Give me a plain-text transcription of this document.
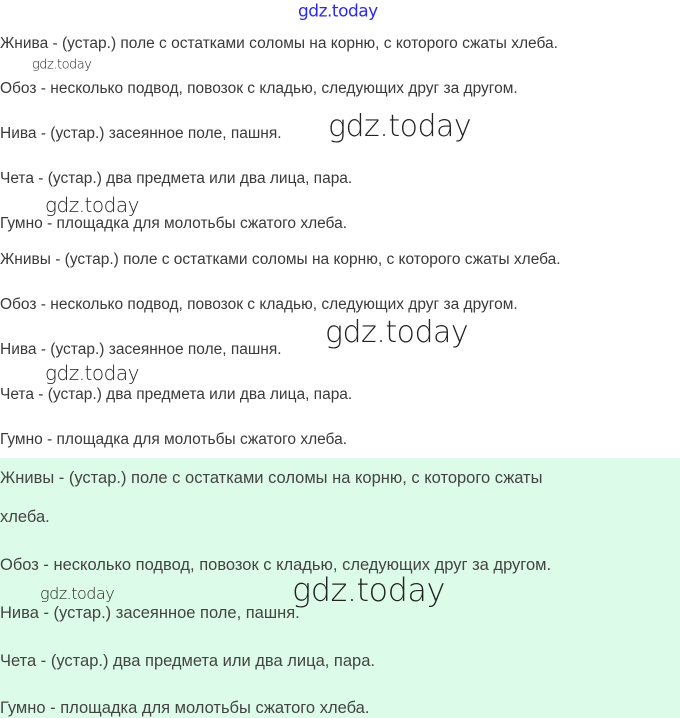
gdz.today
Жнива - (устар.) поле с остатками соломы на корню, с которого сжаты хлеба.
Обоз - несколько подвод, повозок с кладью, следующих друг за другом.
Нива - (устар.) засеянное поле, пашня.
Чета - (устар.) два предмета или два лица, пара.
Гумно - площадка для молотьбы сжатого хлеба.
Жнивы - (устар.) поле с остатками соломы на корню, с которого сжаты хлеба.
Обоз - несколько подвод, повозок с кладью, следующих друг за другом.
Нива - (устар.) засеянное поле, пашня.
Чета - (устар.) два предмета или два лица, пара.
Гумно - площадка для молотьбы сжатого хлеба.
Жнивы - (устар.) поле с остатками соломы на корню, с которого сжаты
хлеба.
Обоз - несколько подвод, повозок с кладью, следующих друг за другом.
Нива - (устар.) засеянное поле, пашня.
Чета - (устар.) два предмета или два лица, пара.
Гумно - площадка для молотьбы сжатого хлеба.
gdz.today
gdz.today
gdz.today
gdz.today
gdz.today
gdz.today	gdz.today
